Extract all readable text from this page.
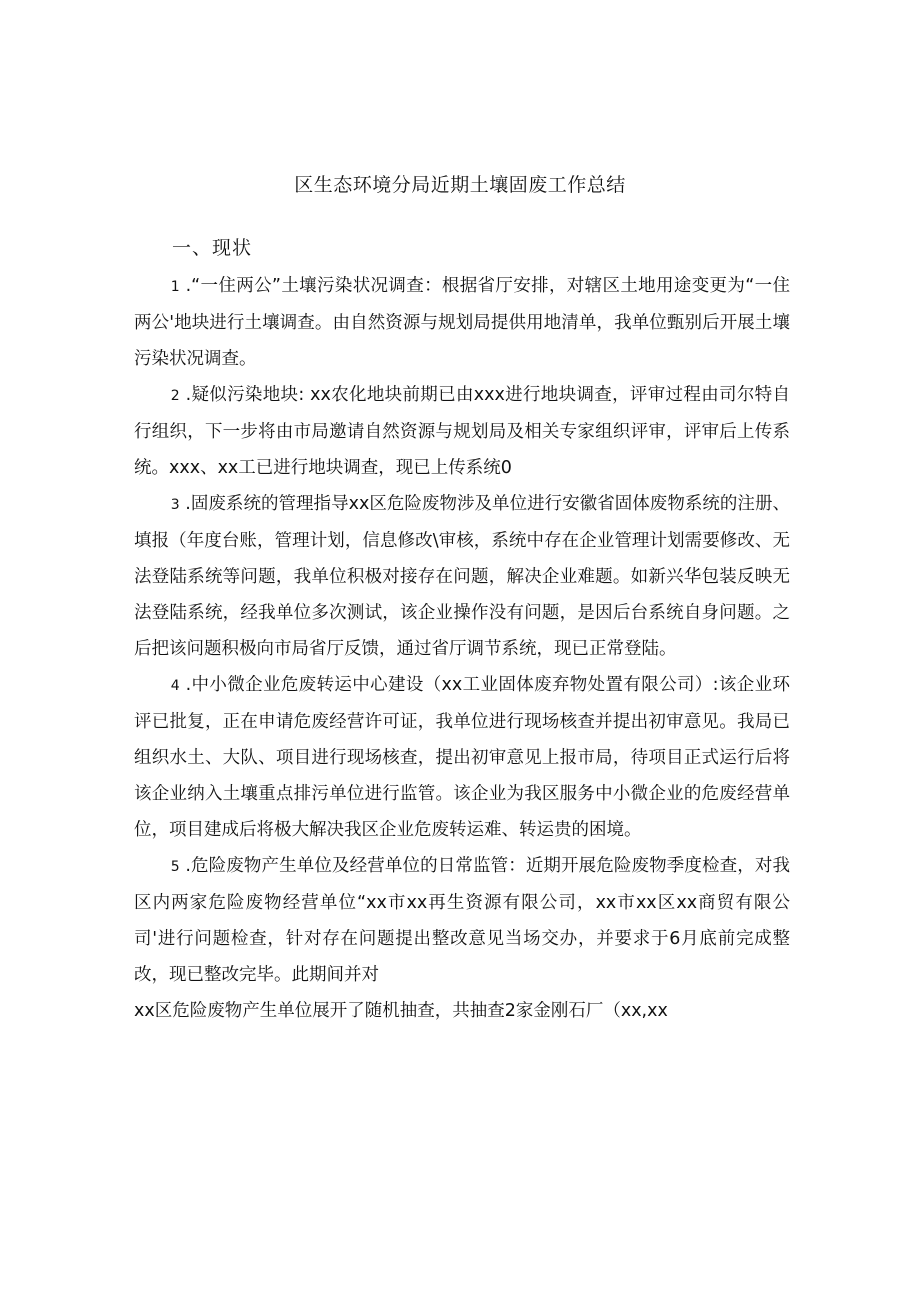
区生态环境分局近期土壤固废工作总结
一、现状

1 .“一住两公”土壤污染状况调查：根据省厅安排，对辖区土地用途变更为“一住两公'地块进行土壤调查。由自然资源与规划局提供用地清单，我单位甄别后开展土壤污染状况调查。

2 .疑似污染地块: xx农化地块前期已由xxx进行地块调查，评审过程由司尔特自行组织，下一步将由市局邀请自然资源与规划局及相关专家组织评审，评审后上传系统。xxx、xx工已进行地块调查，现已上传系统0

3 .固废系统的管理指导xx区危险废物涉及单位进行安徽省固体废物系统的注册、填报（年度台账，管理计划，信息修改\审核，系统中存在企业管理计划需要修改、无法登陆系统等问题，我单位积极对接存在问题，解决企业难题。如新兴华包装反映无法登陆系统，经我单位多次测试，该企业操作没有问题，是因后台系统自身问题。之后把该问题积极向市局省厅反馈，通过省厅调节系统，现已正常登陆。

4 .中小微企业危废转运中心建设（xx工业固体废弃物处置有限公司）:该企业环评已批复，正在申请危废经营许可证，我单位进行现场核查并提出初审意见。我局已组织水土、大队、项目进行现场核查，提出初审意见上报市局，待项目正式运行后将该企业纳入土壤重点排污单位进行监管。该企业为我区服务中小微企业的危废经营单位，项目建成后将极大解决我区企业危废转运难、转运贵的困境。

5 .危险废物产生单位及经营单位的日常监管：近期开展危险废物季度检查，对我区内两家危险废物经营单位“xx市xx再生资源有限公司，xx市xx区xx商贸有限公司'进行问题检查，针对存在问题提出整改意见当场交办，并要求于6月底前完成整改，现已整改完毕。此期间并对

xx区危险废物产生单位展开了随机抽查，共抽查2家金刚石厂（xx,xx
